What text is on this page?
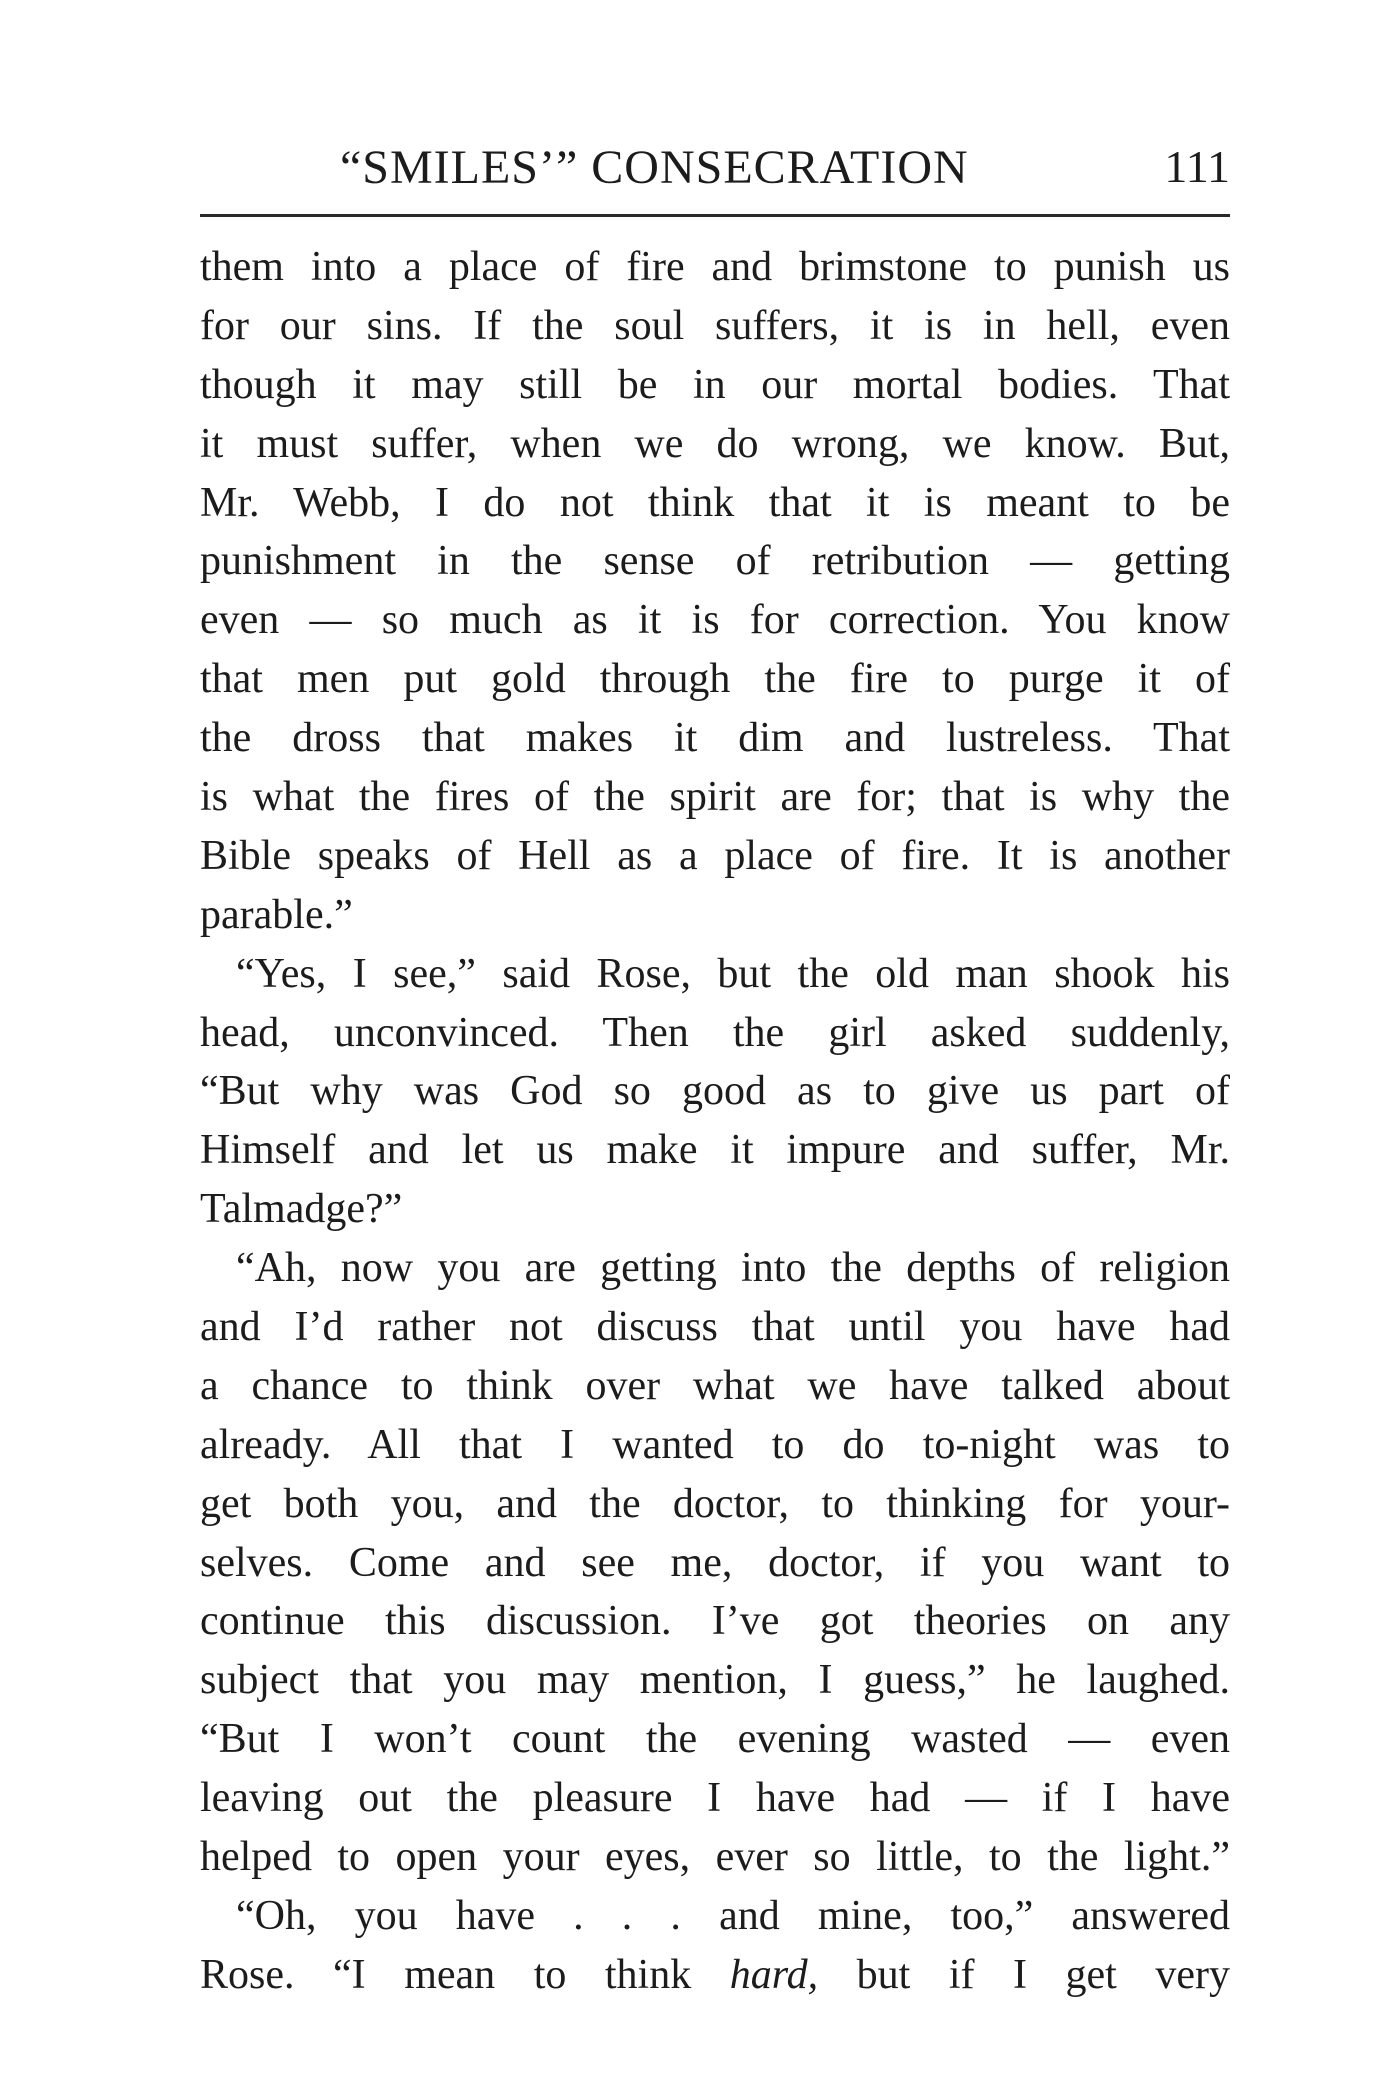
“SMILES’” CONSECRATION	111
them into a place of fire and brimstone to punish us
for our sins. If the soul suffers, it is in hell, even
though it may still be in our mortal bodies. That
it must suffer, when we do wrong, we know. But,
Mr. Webb, I do not think that it is meant to be
punishment in the sense of retribution — getting
even — so much as it is for correction. You know
that men put gold through the fire to purge it of
the dross that makes it dim and lustreless. That
is what the fires of the spirit are for; that is why the
Bible speaks of Hell as a place of fire. It is another
parable.”
“Yes, I see,” said Rose, but the old man shook his
head, unconvinced. Then the girl asked suddenly,
“But why was God so good as to give us part of
Himself and let us make it impure and suffer, Mr.
Talmadge?”
“Ah, now you are getting into the depths of religion
and I’d rather not discuss that until you have had
a chance to think over what we have talked about
already. All that I wanted to do to-night was to
get both you, and the doctor, to thinking for your-
selves. Come and see me, doctor, if you want to
continue this discussion. I’ve got theories on any
subject that you may mention, I guess,” he laughed.
“But I won’t count the evening wasted — even
leaving out the pleasure I have had — if I have
helped to open your eyes, ever so little, to the light.”
“Oh, you have . . . and mine, too,” answered
Rose. “I mean to think hard, but if I get very
